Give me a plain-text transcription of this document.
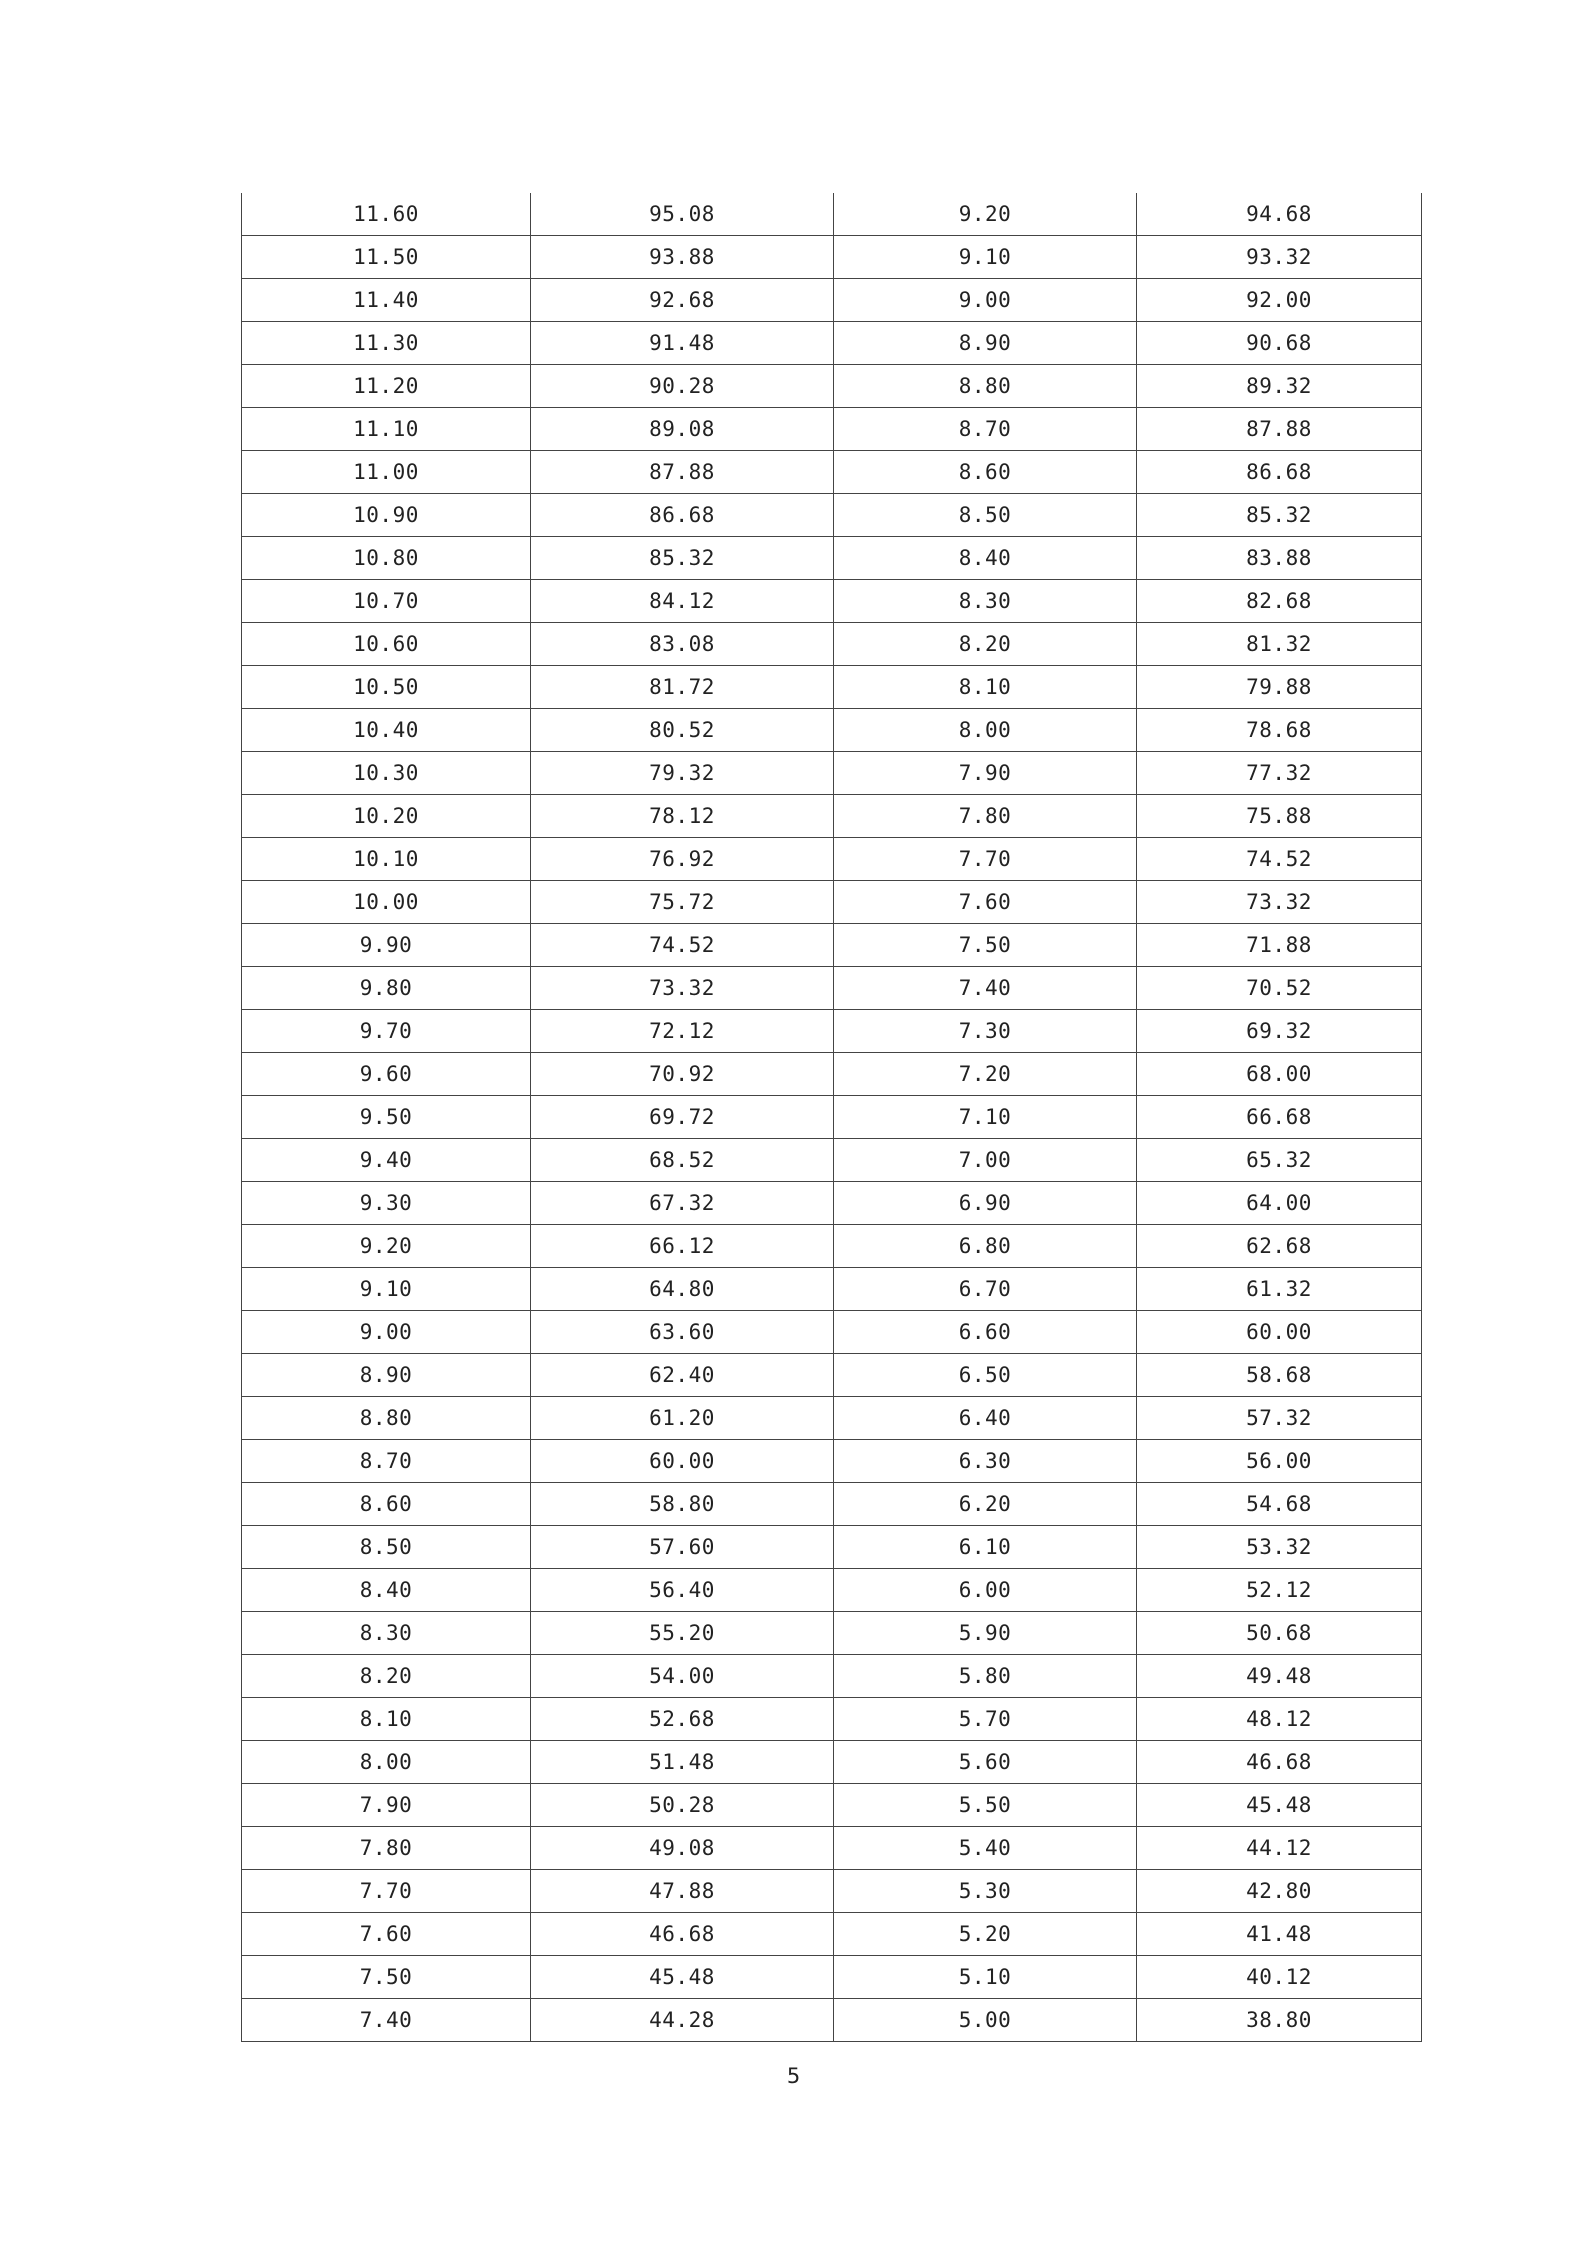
11.60	95.08	9.20	94.68
11.50	93.88	9.10	93.32
11.40	92.68	9.00	92.00
11.30	91.48	8.90	90.68
11.20	90.28	8.80	89.32
11.10	89.08	8.70	87.88
11.00	87.88	8.60	86.68
10.90	86.68	8.50	85.32
10.80	85.32	8.40	83.88
10.70	84.12	8.30	82.68
10.60	83.08	8.20	81.32
10.50	81.72	8.10	79.88
10.40	80.52	8.00	78.68
10.30	79.32	7.90	77.32
10.20	78.12	7.80	75.88
10.10	76.92	7.70	74.52
10.00	75.72	7.60	73.32
9.90	74.52	7.50	71.88
9.80	73.32	7.40	70.52
9.70	72.12	7.30	69.32
9.60	70.92	7.20	68.00
9.50	69.72	7.10	66.68
9.40	68.52	7.00	65.32
9.30	67.32	6.90	64.00
9.20	66.12	6.80	62.68
9.10	64.80	6.70	61.32
9.00	63.60	6.60	60.00
8.90	62.40	6.50	58.68
8.80	61.20	6.40	57.32
8.70	60.00	6.30	56.00
8.60	58.80	6.20	54.68
8.50	57.60	6.10	53.32
8.40	56.40	6.00	52.12
8.30	55.20	5.90	50.68
8.20	54.00	5.80	49.48
8.10	52.68	5.70	48.12
8.00	51.48	5.60	46.68
7.90	50.28	5.50	45.48
7.80	49.08	5.40	44.12
7.70	47.88	5.30	42.80
7.60	46.68	5.20	41.48
7.50	45.48	5.10	40.12
7.40	44.28	5.00	38.80
5
